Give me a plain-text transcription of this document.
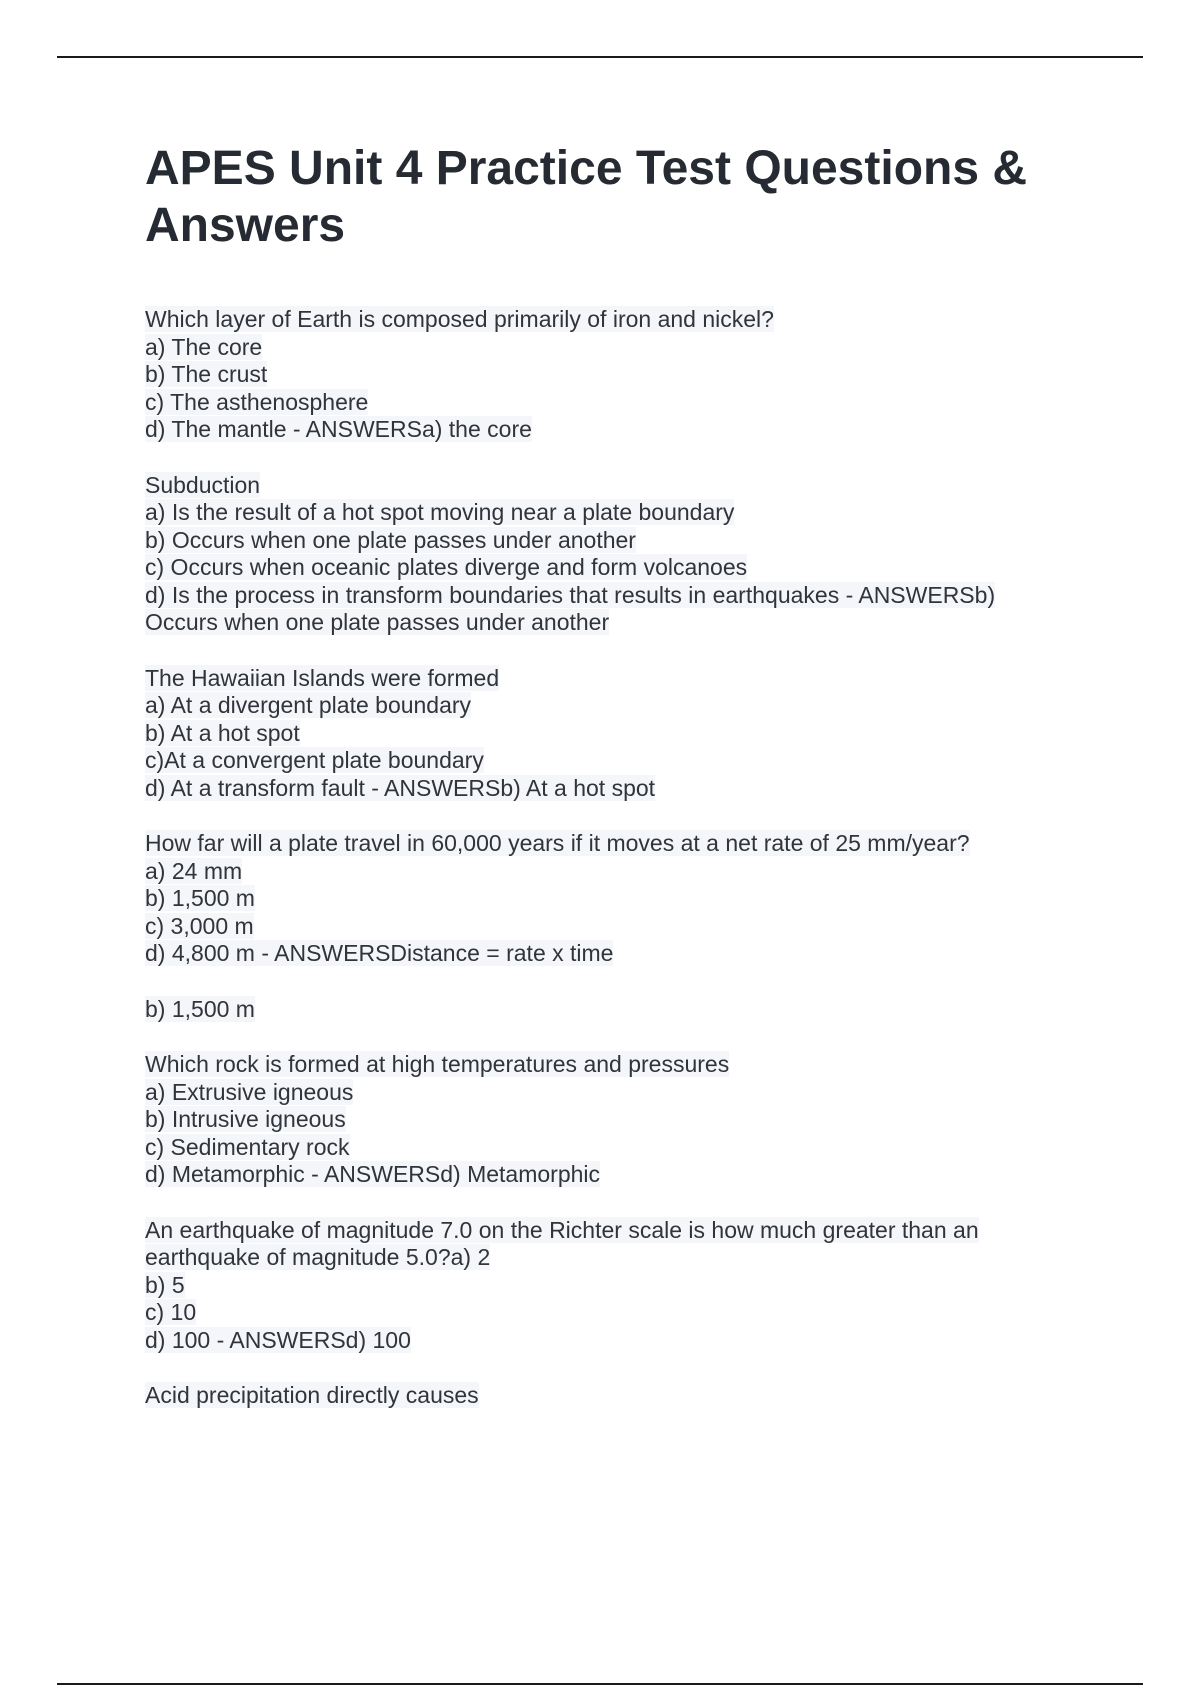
APES Unit 4 Practice Test Questions & Answers
Which layer of Earth is composed primarily of iron and nickel?
a) The core
b) The crust
c) The asthenosphere
d) The mantle - ANSWERSa) the core
Subduction
a) Is the result of a hot spot moving near a plate boundary
b) Occurs when one plate passes under another
c) Occurs when oceanic plates diverge and form volcanoes
d) Is the process in transform boundaries that results in earthquakes - ANSWERSb)
Occurs when one plate passes under another
The Hawaiian Islands were formed
a) At a divergent plate boundary
b) At a hot spot
c)At a convergent plate boundary
d) At a transform fault - ANSWERSb) At a hot spot
How far will a plate travel in 60,000 years if it moves at a net rate of 25 mm/year?
a) 24 mm
b) 1,500 m
c) 3,000 m
d) 4,800 m - ANSWERSDistance = rate x time
b) 1,500 m
Which rock is formed at high temperatures and pressures
a) Extrusive igneous
b) Intrusive igneous
c) Sedimentary rock
d) Metamorphic - ANSWERSd) Metamorphic
An earthquake of magnitude 7.0 on the Richter scale is how much greater than an
earthquake of magnitude 5.0?a) 2
b) 5
c) 10
d) 100 - ANSWERSd) 100
Acid precipitation directly causes
